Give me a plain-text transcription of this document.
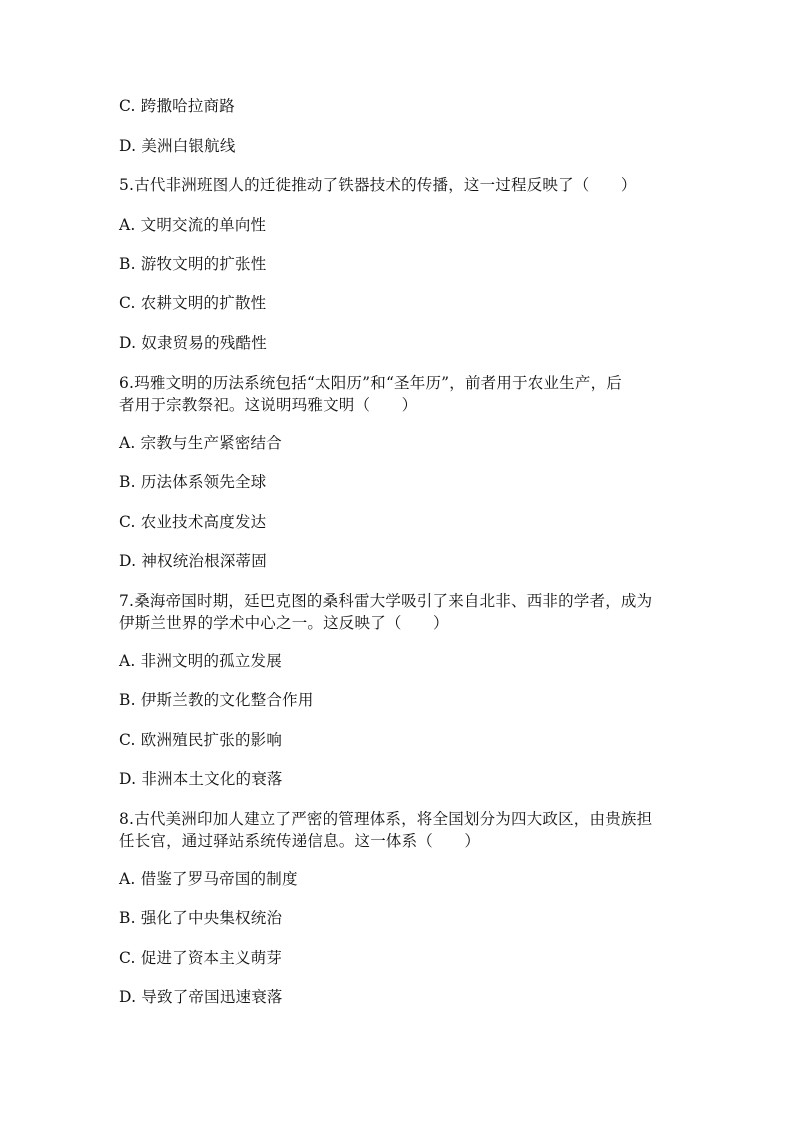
C. 跨撒哈拉商路
D. 美洲白银航线
5.古代非洲班图人的迁徙推动了铁器技术的传播，这一过程反映了（　　）
A. 文明交流的单向性
B. 游牧文明的扩张性
C. 农耕文明的扩散性
D. 奴隶贸易的残酷性
6.玛雅文明的历法系统包括“太阳历”和“圣年历”，前者用于农业生产，后
者用于宗教祭祀。这说明玛雅文明（　　）
A. 宗教与生产紧密结合
B. 历法体系领先全球
C. 农业技术高度发达
D. 神权统治根深蒂固
7.桑海帝国时期，廷巴克图的桑科雷大学吸引了来自北非、西非的学者，成为
伊斯兰世界的学术中心之一。这反映了（　　）
A. 非洲文明的孤立发展
B. 伊斯兰教的文化整合作用
C. 欧洲殖民扩张的影响
D. 非洲本土文化的衰落
8.古代美洲印加人建立了严密的管理体系，将全国划分为四大政区，由贵族担
任长官，通过驿站系统传递信息。这一体系（　　）
A. 借鉴了罗马帝国的制度
B. 强化了中央集权统治
C. 促进了资本主义萌芽
D. 导致了帝国迅速衰落
